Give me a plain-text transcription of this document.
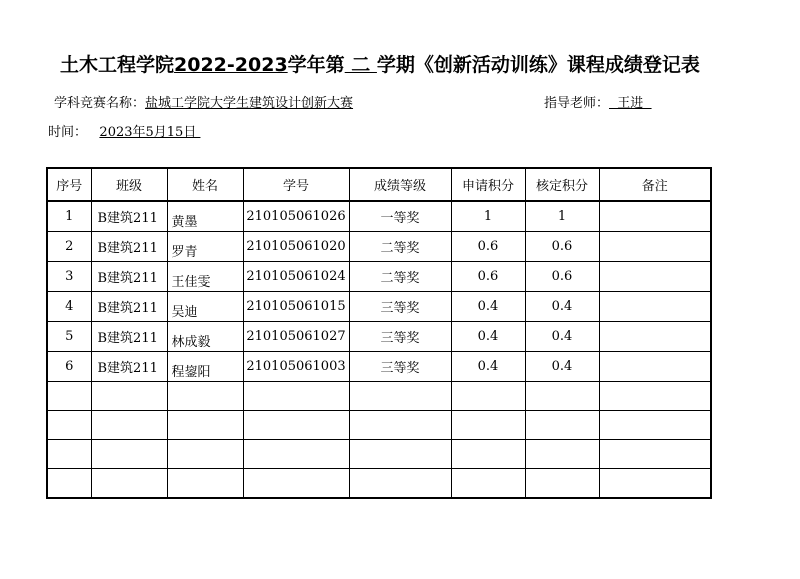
土木工程学院2022-2023学年第 二 学期《创新活动训练》课程成绩登记表
学科竞赛名称：盐城工学院大学生建筑设计创新大赛	指导老师：  王进
时间： 2023年5月15日
序号	班级	姓名	学号	成绩等级	申请积分	核定积分	备注
1	B建筑211	黄墨	210105061026	一等奖	1	1	
2	B建筑211	罗青	210105061020	二等奖	0.6	0.6	
3	B建筑211	王佳雯	210105061024	二等奖	0.6	0.6	
4	B建筑211	吴迪	210105061015	三等奖	0.4	0.4	
5	B建筑211	林成毅	210105061027	三等奖	0.4	0.4	
6	B建筑211	程鋆阳	210105061003	三等奖	0.4	0.4	
